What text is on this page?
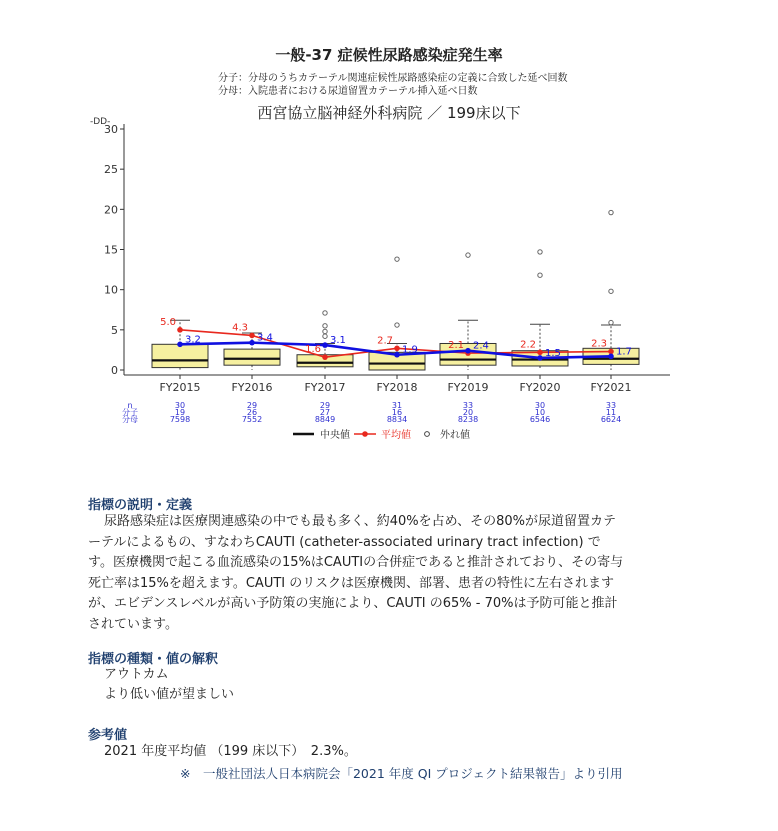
一般-37 症候性尿路感染症発生率
分子：分母のうちカテーテル関連症候性尿路感染症の定義に合致した延べ回数
分母：入院患者における尿道留置カテーテル挿入延べ日数
西宮協立脳神経外科病院 ／ 199床以下
-DD-
0
5
10
15
20
25
30
FY2015	FY2016	FY2017	FY2018	FY2019	FY2020	FY2021
5.0
4.3
1.6
2.7	2.1	2.2	2.3
3.2	3.4	3.1
1.9	2.4
1.5	1.7
n
分子
分母
30	29	29	31	33	30	33
19	26	27	16	20	10	11
7598	7552	8849	8834	8238	6546	6624
中央値	平均値	外れ値
指標の説明・定義
尿路感染症は医療関連感染の中でも最も多く、約40%を占め、その80%が尿道留置カテ
ーテルによるもの、すなわちCAUTI (catheter-associated urinary tract infection) で
す。医療機関で起こる血流感染の15%はCAUTIの合併症であると推計されており、その寄与
死亡率は15%を超えます。CAUTI のリスクは医療機関、部署、患者の特性に左右されます
が、エビデンスレベルが高い予防策の実施により、CAUTI の65% - 70%は予防可能と推計
されています。
指標の種類・値の解釈
アウトカム
より低い値が望ましい
参考値
2021 年度平均値 （199 床以下）　2.3%。
※　一般社団法人日本病院会「2021 年度 QI プロジェクト結果報告」より引用
